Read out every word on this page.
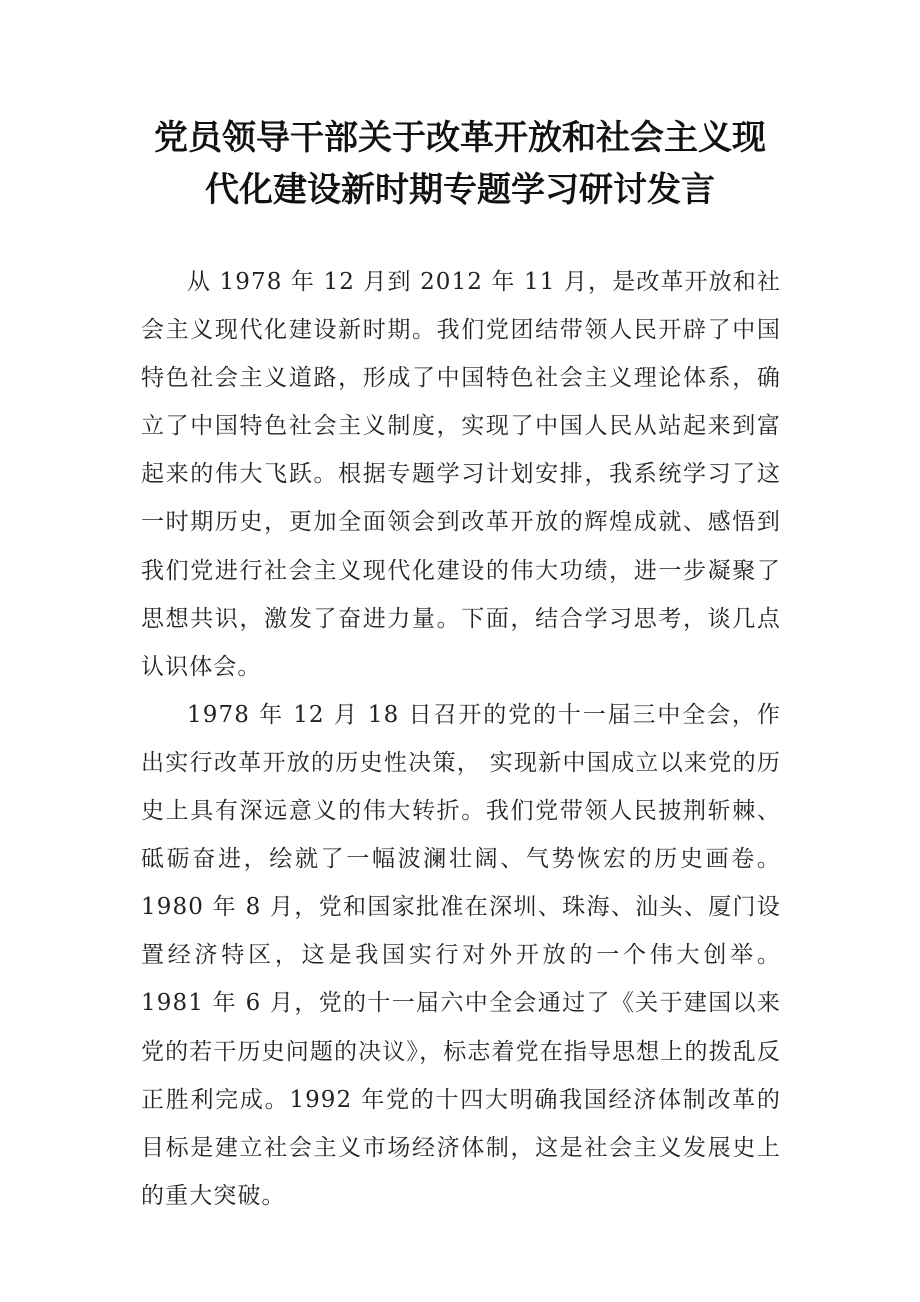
党员领导干部关于改革开放和社会主义现
代化建设新时期专题学习研讨发言

从 1978 年 12 月到 2012 年 11 月，是改革开放和社会主义现代化建设新时期。我们党团结带领人民开辟了中国特色社会主义道路，形成了中国特色社会主义理论体系，确立了中国特色社会主义制度，实现了中国人民从站起来到富起来的伟大飞跃。根据专题学习计划安排，我系统学习了这一时期历史，更加全面领会到改革开放的辉煌成就、感悟到我们党进行社会主义现代化建设的伟大功绩，进一步凝聚了思想共识，激发了奋进力量。下面，结合学习思考，谈几点认识体会。

1978 年 12 月 18 日召开的党的十一届三中全会，作出实行改革开放的历史性决策， 实现新中国成立以来党的历史上具有深远意义的伟大转折。我们党带领人民披荆斩棘、砥砺奋进，绘就了一幅波澜壮阔、气势恢宏的历史画卷。1980 年 8 月，党和国家批准在深圳、珠海、汕头、厦门设置经济特区，这是我国实行对外开放的一个伟大创举。1981 年 6 月，党的十一届六中全会通过了《关于建国以来党的若干历史问题的决议》，标志着党在指导思想上的拨乱反正胜利完成。1992 年党的十四大明确我国经济体制改革的目标是建立社会主义市场经济体制，这是社会主义发展史上的重大突破。
